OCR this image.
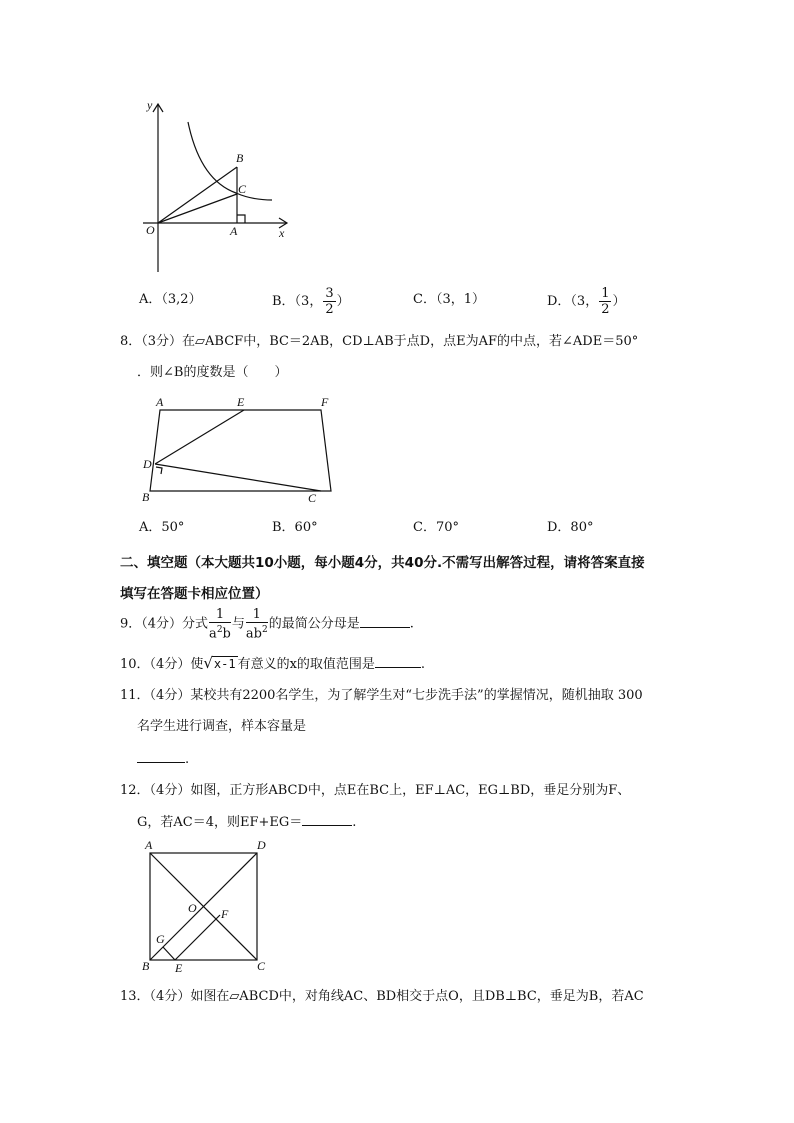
y
x
O	A
B
C
A．（3,2）	B．（3， $\frac{3}{2}$ ）	C．（3，1）	D．（3， $\frac{1}{2}$ ）
8．（3分）在▱ABCF中，BC＝2AB，CD⊥AB于点D，点E为AF的中点，若∠ADE＝50°
．则∠B的度数是（　　）
A	E	F
D
B	C
A．50°	B．60°	C．70°	D．80°
二、填空题（本大题共10小题，每小题4分，共40分.不需写出解答过程，请将答案直接
填写在答题卡相应位置）
9．（4分）分式 $\frac{1}{a^2b}$ 与 $\frac{1}{ab^2}$ 的最简公分母是	.
10．（4分）使√x-1 有意义的x的取值范围是	.
11．（4分）某校共有2200名学生，为了解学生对“七步洗手法”的掌握情况，随机抽取 300
名学生进行调查，样本容量是
.
12．（4分）如图，正方形ABCD中，点E在BC上，EF⊥AC，EG⊥BD，垂足分别为F、
G，若AC＝4，则EF+EG＝	.
A	D
O F
G
B E	C
13．（4分）如图在▱ABCD中，对角线AC、BD相交于点O，且DB⊥BC，垂足为B，若AC
